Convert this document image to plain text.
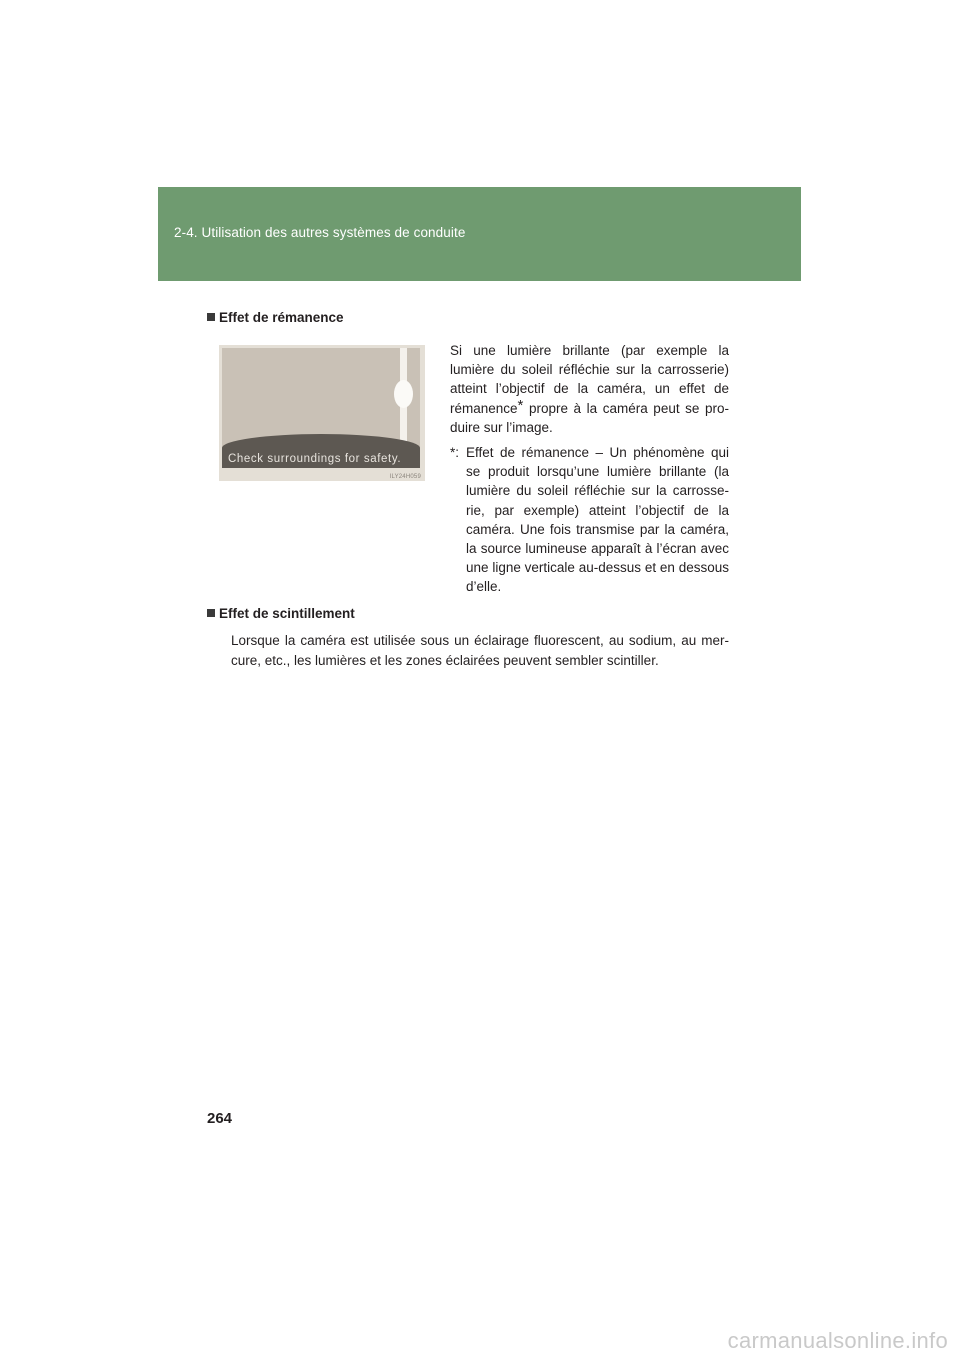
2-4. Utilisation des autres systèmes de conduite
Effet de rémanence
Check surroundings for safety.
ILY24H059

Si une lumière brillante (par exemple la lumière du soleil réfléchie sur la carrosserie) atteint l’objectif de la caméra, un effet de rémanence* propre à la caméra peut se pro-duire sur l’image.

*: Effet de rémanence – Un phénomène qui se produit lorsqu’une lumière brillante (la lumière du soleil réfléchie sur la carrosse-rie, par exemple) atteint l’objectif de la caméra. Une fois transmise par la caméra, la source lumineuse apparaît à l’écran avec une ligne verticale au-dessus et en dessous d’elle.
Effet de scintillement
Lorsque la caméra est utilisée sous un éclairage fluorescent, au sodium, au mer-cure, etc., les lumières et les zones éclairées peuvent sembler scintiller.
264
carmanualsonline.info
